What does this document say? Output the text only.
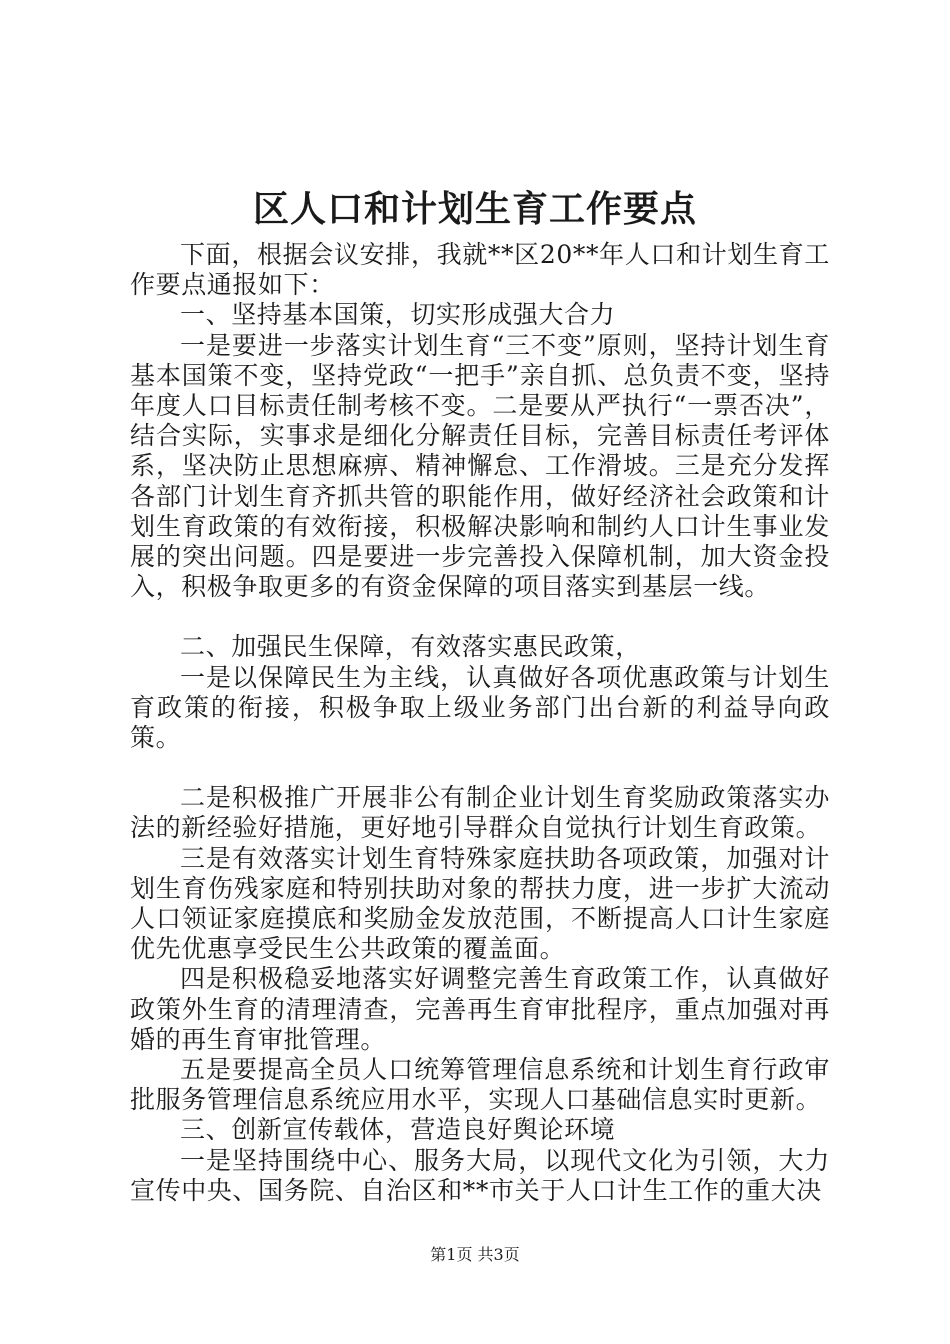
区人口和计划生育工作要点

下面，根据会议安排，我就**区20**年人口和计划生育工作要点通报如下：

一、坚持基本国策，切实形成强大合力

一是要进一步落实计划生育“三不变”原则，坚持计划生育基本国策不变，坚持党政“一把手”亲自抓、总负责不变，坚持年度人口目标责任制考核不变。二是要从严执行“一票否决”，结合实际，实事求是细化分解责任目标，完善目标责任考评体系，坚决防止思想麻痹、精神懈怠、工作滑坡。三是充分发挥各部门计划生育齐抓共管的职能作用，做好经济社会政策和计划生育政策的有效衔接，积极解决影响和制约人口计生事业发展的突出问题。四是要进一步完善投入保障机制，加大资金投入，积极争取更多的有资金保障的项目落实到基层一线。

二、加强民生保障，有效落实惠民政策，

一是以保障民生为主线，认真做好各项优惠政策与计划生育政策的衔接，积极争取上级业务部门出台新的利益导向政策。

二是积极推广开展非公有制企业计划生育奖励政策落实办法的新经验好措施，更好地引导群众自觉执行计划生育政策。

三是有效落实计划生育特殊家庭扶助各项政策，加强对计划生育伤残家庭和特别扶助对象的帮扶力度，进一步扩大流动人口领证家庭摸底和奖励金发放范围，不断提高人口计生家庭优先优惠享受民生公共政策的覆盖面。

四是积极稳妥地落实好调整完善生育政策工作，认真做好政策外生育的清理清查，完善再生育审批程序，重点加强对再婚的再生育审批管理。

五是要提高全员人口统筹管理信息系统和计划生育行政审批服务管理信息系统应用水平，实现人口基础信息实时更新。

三、创新宣传载体，营造良好舆论环境

一是坚持围绕中心、服务大局，以现代文化为引领，大力宣传中央、国务院、自治区和**市关于人口计生工作的重大决

第1页 共3页
